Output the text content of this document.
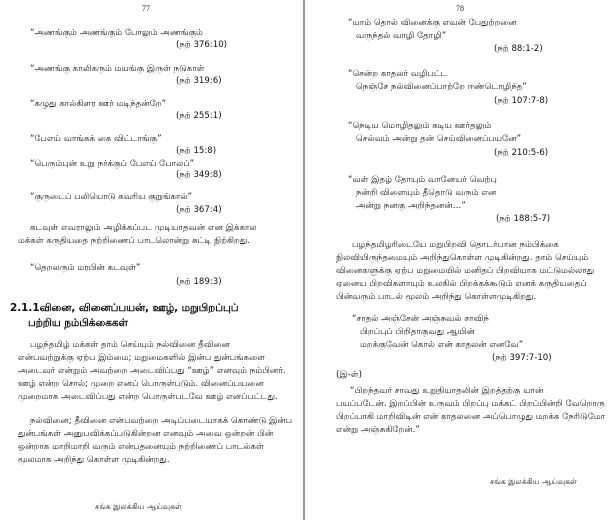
77
“அணங்கும் அணங்கும் போலும் அணங்கும்
(நற் 376:10)
“அணங்கு காலிகரும் மயங்கு இருள் நடுகாள்
(நற் 319:6)
“கழுது கால்கிளர ஊர் மடிந்தன்றே”
(நற் 255:1)
“பேஎய் வாங்கக் கை விட்டாங்கு”
(நற் 15:8)
“பெரும்புன் உறு நர்க்குப் பேஎய் போலப்”
(நற் 349:8)
“குருடைப் பலியொடு கவரிய குறுங்கால்”
(நற் 367:4)
கடவுள் எவராலும் அழிக்கப்பட முடியாதவன் என இக்கால
மக்கள் கருதியதை நற்றிணைப் பாடலொன்று சுட்டி நிற்கிறது.
“தெறலரும் மரபின் கடவுள்”
(நற் 189:3)
2.1.1வினை, வினைப்பயன், ஊழ், மறுபிறப்புப்
பற்றிய நம்பிக்கைகள்
பழந்தமிழ் மக்கள் தாம் செய்யும் நல்வினை தீவினை
என்பவற்றுக்கு ஏற்ப இம்மை; மறுமைகளில் இன்ப துன்பங்களை
அடைவர் என்றும் அவற்றை அடைவிப்பது “ஊழ்” எனவும் நம்பினர்.
ஊழ் என்ற சொல்; முறை எனப் பொருள்படும். வினைப்பயனை
முறைமாக அடைவிப்பது என்ற பொருள்படவே ஊழ் எனப்பட்டது.
நல்வினை; தீவினை என்பவற்றை அடிப்படையாகக் கொண்டு இன்ப
துன்பங்கள் அனுபவிக்கப்படுகின்றன எனவும் அவை ஒன்றன் பின்
ஒன்றாக மாறிமாறி வரும் என்பதனையும் நற்றிணைப் பாடல்கள்
மூலமாக அறிந்து கொள்ள முடிகின்றது.
சங்க இலக்கிய ஆய்வுகள்
78
“யாம் தொல் வினைக்கு எவன் பேதுற்றனை
வருந்தல் வாழி தோழி”
(நற் 88:1-2)
“சென்ற காதலர் வழிபட்ட
நெஞ்சே நல்வினைப்பாற்றே ஈண்டொழிந்த”
(நற் 107:7-8)
“நெடிய மொழிதலும் கடிய ஊர்தலும்
செல்வம் அன்று தன் செய்வினைப்பயனே”
(நற் 210:5-6)
“வள் இதழ் தோயும் வானேயர் வெற்பு
நன்றி விளையும் தீதொடு வரும் என
அன்று நனகு அறிந்தனன்…”
(நற் 188:5-7)
பழந்தமிழரிடையே மறுபிறவி தொடர்பான நம்பிக்கை
நிலவியிருந்தமையும் அறிந்துகொள்ள முடிகின்றது. தாம் செய்யும்
வினைகளுக்கு ஏற்ப மறுமையில் மனிதப் பிறவியாக மட்டுமல்லாது
ஏனைய பிறவிகளாயும் உலகில் பிறக்கக்கூடும் எனக் கருதியதைப்
பின்வரும் பாடல் மூலம் அறிந்து கொள்ளமுடிகிறது.
“சாதல் அஞ்சேன் அஞ்சுவல் சாவிந்
பிறப்புப் பிறிதாகுவது ஆயின்
மறக்குவேன் கொல் என் காதலன் எனவே”
(நற் 397:7-10)
(இ-ள்)
“பிறந்தவர் சாவது உறுதியாதலின் இறத்தற்கு யான்
பயப்படேன். இறப்பின் உருவம் பிறப்பு மக்கட் பிறப்பின்றி வேறொரு
பிறப்பாகி மாறிவிடின் என் காதலனை அப்பொழுது மறக்க நேரிடுமோ
என்று அஞ்சுகிறேன்.”
சங்க இலக்கிய ஆய்வுகள்
